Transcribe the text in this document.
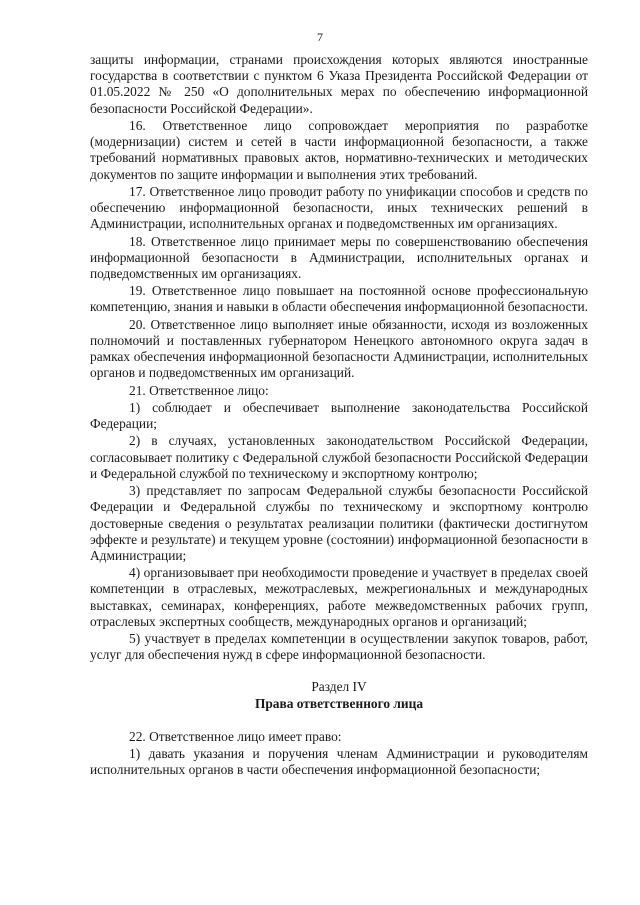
7

защиты информации, странами происхождения которых являются иностранные государства в соответствии с пунктом 6 Указа Президента Российской Федерации от 01.05.2022 № 250 «О дополнительных мерах по обеспечению информационной безопасности Российской Федерации».

16. Ответственное лицо сопровождает мероприятия по разработке (модернизации) систем и сетей в части информационной безопасности, а также требований нормативных правовых актов, нормативно-технических и методических документов по защите информации и выполнения этих требований.

17. Ответственное лицо проводит работу по унификации способов и средств по обеспечению информационной безопасности, иных технических решений в Администрации, исполнительных органах и подведомственных им организациях.

18. Ответственное лицо принимает меры по совершенствованию обеспечения информационной безопасности в Администрации, исполнительных органах и подведомственных им организациях.

19. Ответственное лицо повышает на постоянной основе профессиональную компетенцию, знания и навыки в области обеспечения информационной безопасности.

20. Ответственное лицо выполняет иные обязанности, исходя из возложенных полномочий и поставленных губернатором Ненецкого автономного округа задач в рамках обеспечения информационной безопасности Администрации, исполнительных органов и подведомственных им организаций.

21. Ответственное лицо:

1) соблюдает и обеспечивает выполнение законодательства Российской Федерации;

2) в случаях, установленных законодательством Российской Федерации, согласовывает политику с Федеральной службой безопасности Российской Федерации и Федеральной службой по техническому и экспортному контролю;

3) представляет по запросам Федеральной службы безопасности Российской Федерации и Федеральной службы по техническому и экспортному контролю достоверные сведения о результатах реализации политики (фактически достигнутом эффекте и результате) и текущем уровне (состоянии) информационной безопасности в Администрации;

4) организовывает при необходимости проведение и участвует в пределах своей компетенции в отраслевых, межотраслевых, межрегиональных и международных выставках, семинарах, конференциях, работе межведомственных рабочих групп, отраслевых экспертных сообществ, международных органов и организаций;

5) участвует в пределах компетенции в осуществлении закупок товаров, работ, услуг для обеспечения нужд в сфере информационной безопасности.

Раздел IV
Права ответственного лица

22. Ответственное лицо имеет право:

1) давать указания и поручения членам Администрации и руководителям исполнительных органов в части обеспечения информационной безопасности;
